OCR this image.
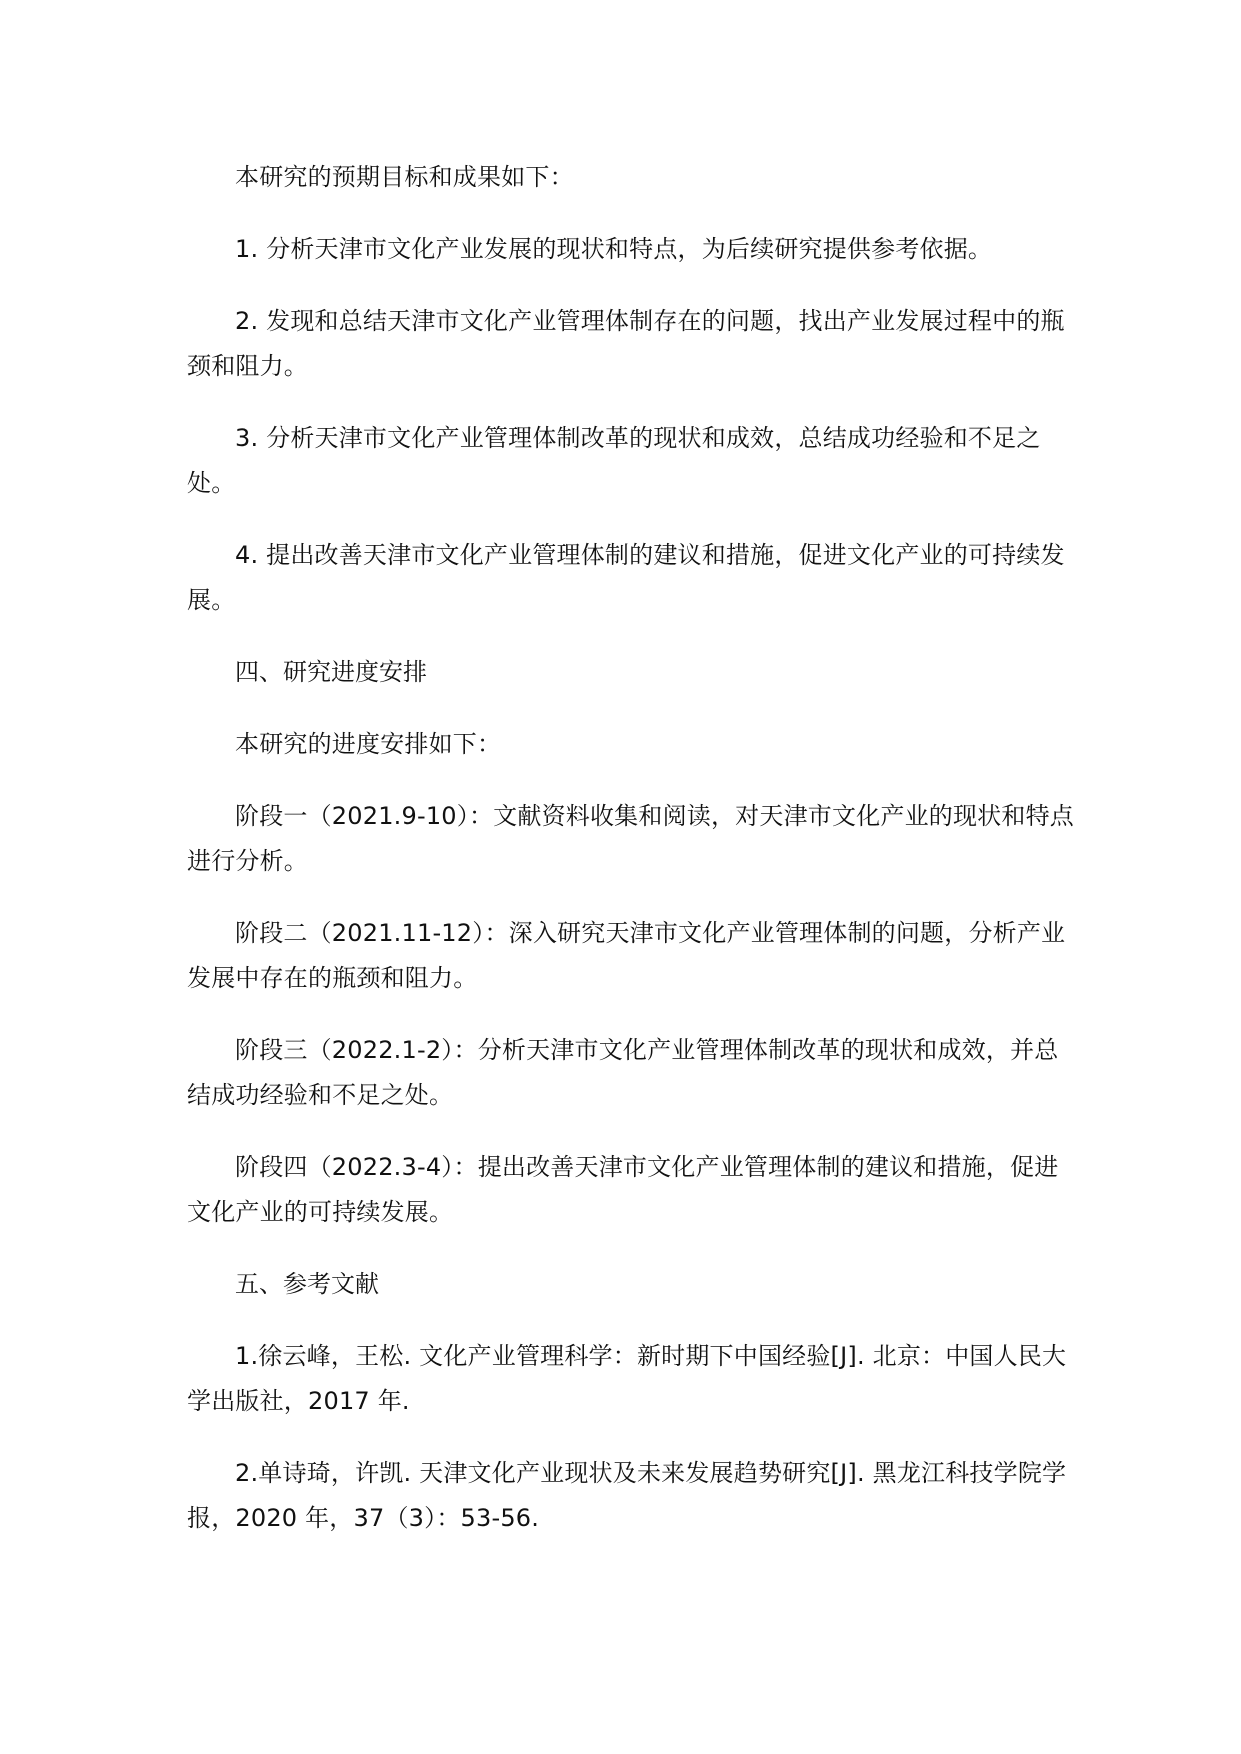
本研究的预期目标和成果如下：

1. 分析天津市文化产业发展的现状和特点，为后续研究提供参考依据。

2. 发现和总结天津市文化产业管理体制存在的问题，找出产业发展过程中的瓶颈和阻力。

3. 分析天津市文化产业管理体制改革的现状和成效，总结成功经验和不足之处。

4. 提出改善天津市文化产业管理体制的建议和措施，促进文化产业的可持续发展。

四、研究进度安排

本研究的进度安排如下：

阶段一（2021.9-10）：文献资料收集和阅读，对天津市文化产业的现状和特点进行分析。

阶段二（2021.11-12）：深入研究天津市文化产业管理体制的问题，分析产业发展中存在的瓶颈和阻力。

阶段三（2022.1-2）：分析天津市文化产业管理体制改革的现状和成效，并总结成功经验和不足之处。

阶段四（2022.3-4）：提出改善天津市文化产业管理体制的建议和措施，促进文化产业的可持续发展。

五、参考文献

1.徐云峰，王松. 文化产业管理科学：新时期下中国经验[J]. 北京：中国人民大学出版社，2017 年.

2.单诗琦，许凯. 天津文化产业现状及未来发展趋势研究[J]. 黑龙江科技学院学报，2020 年，37（3）：53-56.
